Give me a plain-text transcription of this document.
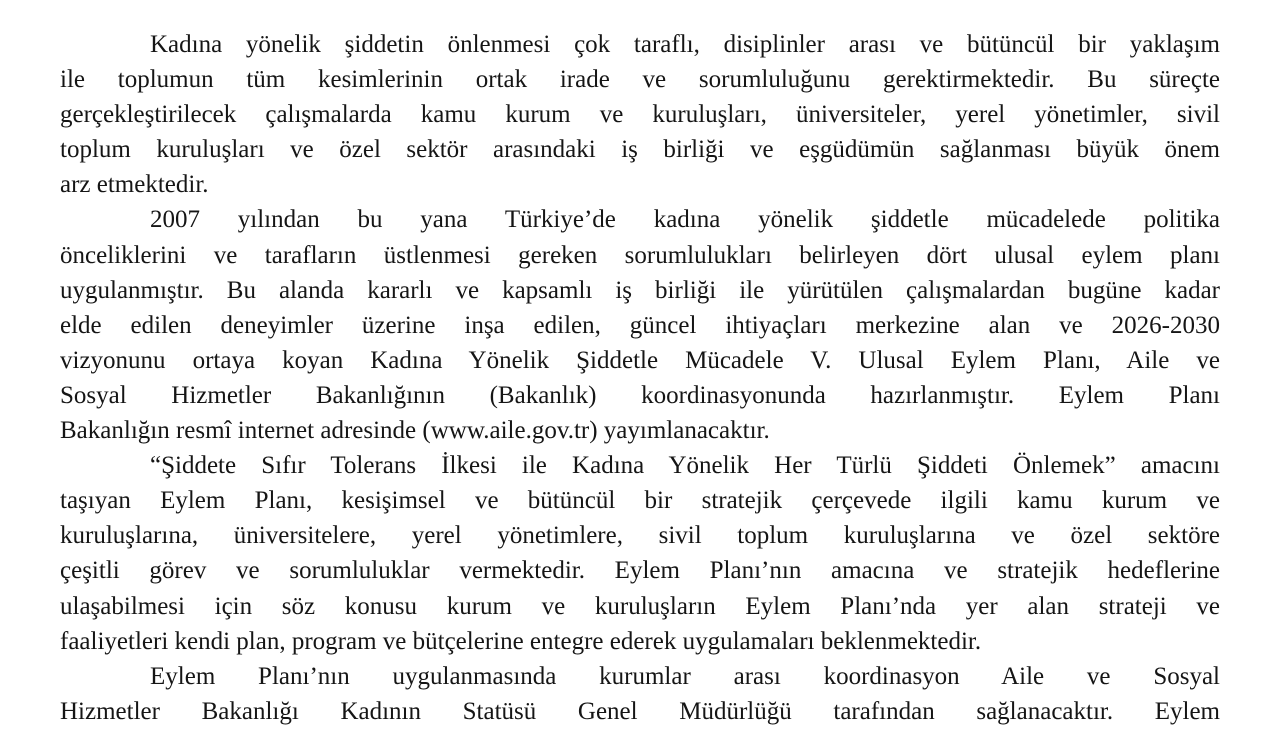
Kadına yönelik şiddetin önlenmesi çok taraflı, disiplinler arası ve bütüncül bir yaklaşım
ile toplumun tüm kesimlerinin ortak irade ve sorumluluğunu gerektirmektedir. Bu süreçte
gerçekleştirilecek çalışmalarda kamu kurum ve kuruluşları, üniversiteler, yerel yönetimler, sivil
toplum kuruluşları ve özel sektör arasındaki iş birliği ve eşgüdümün sağlanması büyük önem
arz etmektedir.
2007 yılından bu yana Türkiye’de kadına yönelik şiddetle mücadelede politika
önceliklerini ve tarafların üstlenmesi gereken sorumlulukları belirleyen dört ulusal eylem planı
uygulanmıştır. Bu alanda kararlı ve kapsamlı iş birliği ile yürütülen çalışmalardan bugüne kadar
elde edilen deneyimler üzerine inşa edilen, güncel ihtiyaçları merkezine alan ve 2026-2030
vizyonunu ortaya koyan Kadına Yönelik Şiddetle Mücadele V. Ulusal Eylem Planı, Aile ve
Sosyal Hizmetler Bakanlığının (Bakanlık) koordinasyonunda hazırlanmıştır. Eylem Planı
Bakanlığın resmî internet adresinde (www.aile.gov.tr) yayımlanacaktır.
“Şiddete Sıfır Tolerans İlkesi ile Kadına Yönelik Her Türlü Şiddeti Önlemek” amacını
taşıyan Eylem Planı, kesişimsel ve bütüncül bir stratejik çerçevede ilgili kamu kurum ve
kuruluşlarına, üniversitelere, yerel yönetimlere, sivil toplum kuruluşlarına ve özel sektöre
çeşitli görev ve sorumluluklar vermektedir. Eylem Planı’nın amacına ve stratejik hedeflerine
ulaşabilmesi için söz konusu kurum ve kuruluşların Eylem Planı’nda yer alan strateji ve
faaliyetleri kendi plan, program ve bütçelerine entegre ederek uygulamaları beklenmektedir.
Eylem Planı’nın uygulanmasında kurumlar arası koordinasyon Aile ve Sosyal
Hizmetler Bakanlığı Kadının Statüsü Genel Müdürlüğü tarafından sağlanacaktır. Eylem
